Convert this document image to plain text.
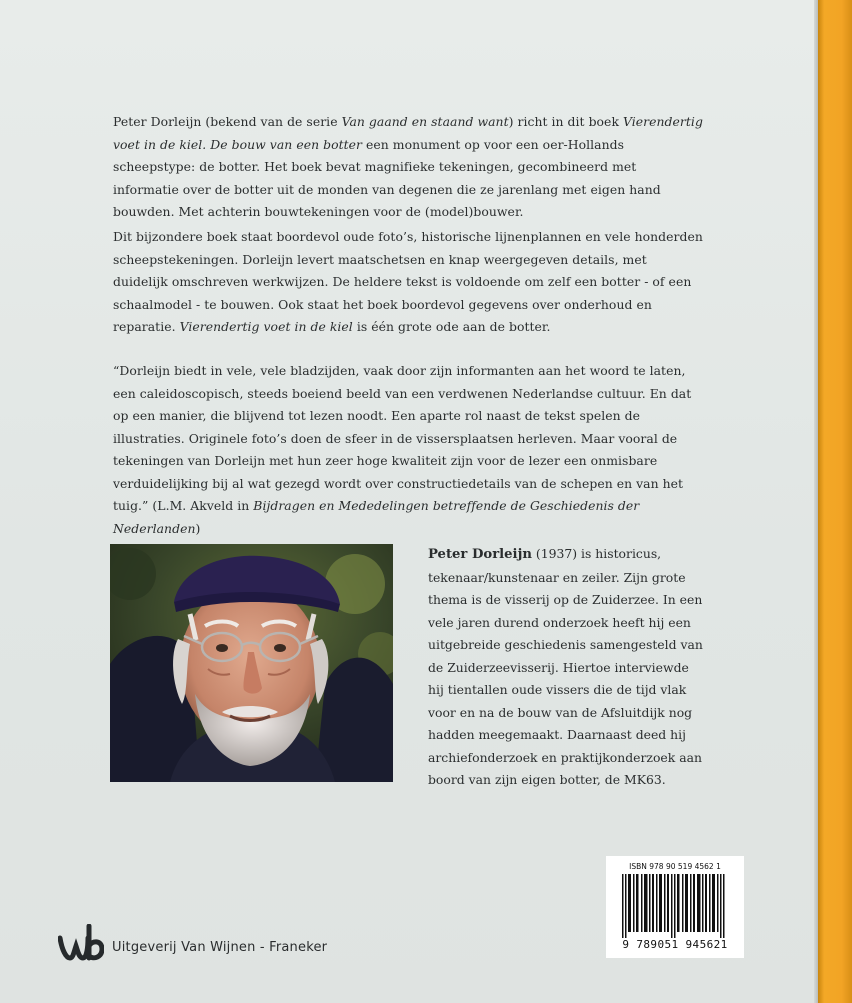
Peter Dorleijn (bekend van de serie Van gaand en staand want) richt in dit boek Vierendertig voet in de kiel. De bouw van een botter een monument op voor een oer-Hollands scheepstype: de botter. Het boek bevat magnifieke tekeningen, gecombineerd met informatie over de botter uit de monden van degenen die ze jarenlang met eigen hand bouwden. Met achterin bouwtekeningen voor de (model)bouwer.

Dit bijzondere boek staat boordevol oude foto’s, historische lijnenplannen en vele honderden scheepstekeningen. Dorleijn levert maatschetsen en knap weergegeven details, met duidelijk omschreven werkwijzen. De heldere tekst is voldoende om zelf een botter - of een schaalmodel - te bouwen. Ook staat het boek boordevol gegevens over onderhoud en reparatie. Vierendertig voet in de kiel is één grote ode aan de botter.

“Dorleijn biedt in vele, vele bladzijden, vaak door zijn informanten aan het woord te laten, een caleidoscopisch, steeds boeiend beeld van een verdwenen Nederlandse cultuur. En dat op een manier, die blijvend tot lezen noodt. Een aparte rol naast de tekst spelen de illustraties. Originele foto’s doen de sfeer in de vissersplaatsen herleven. Maar vooral de tekeningen van Dorleijn met hun zeer hoge kwaliteit zijn voor de lezer een onmisbare verduidelijking bij al wat gezegd wordt over constructiedetails van de schepen en van het tuig.” (L.M. Akveld in Bijdragen en Mededelingen betreffende de Geschiedenis der Nederlanden)

Peter Dorleijn (1937) is historicus, tekenaar/kunstenaar en zeiler. Zijn grote thema is de visserij op de Zuiderzee. In een vele jaren durend onderzoek heeft hij een uitgebreide geschiedenis samengesteld van de Zuiderzeevisserij. Hiertoe interviewde hij tientallen oude vissers die de tijd vlak voor en na de bouw van de Afsluitdijk nog hadden meegemaakt. Daarnaast deed hij archiefonderzoek en praktijkonderzoek aan boord van zijn eigen botter, de MK63.
Uitgeverij Van Wijnen - Franeker
ISBN 978 90 519 4562 1
9 789051 945621
